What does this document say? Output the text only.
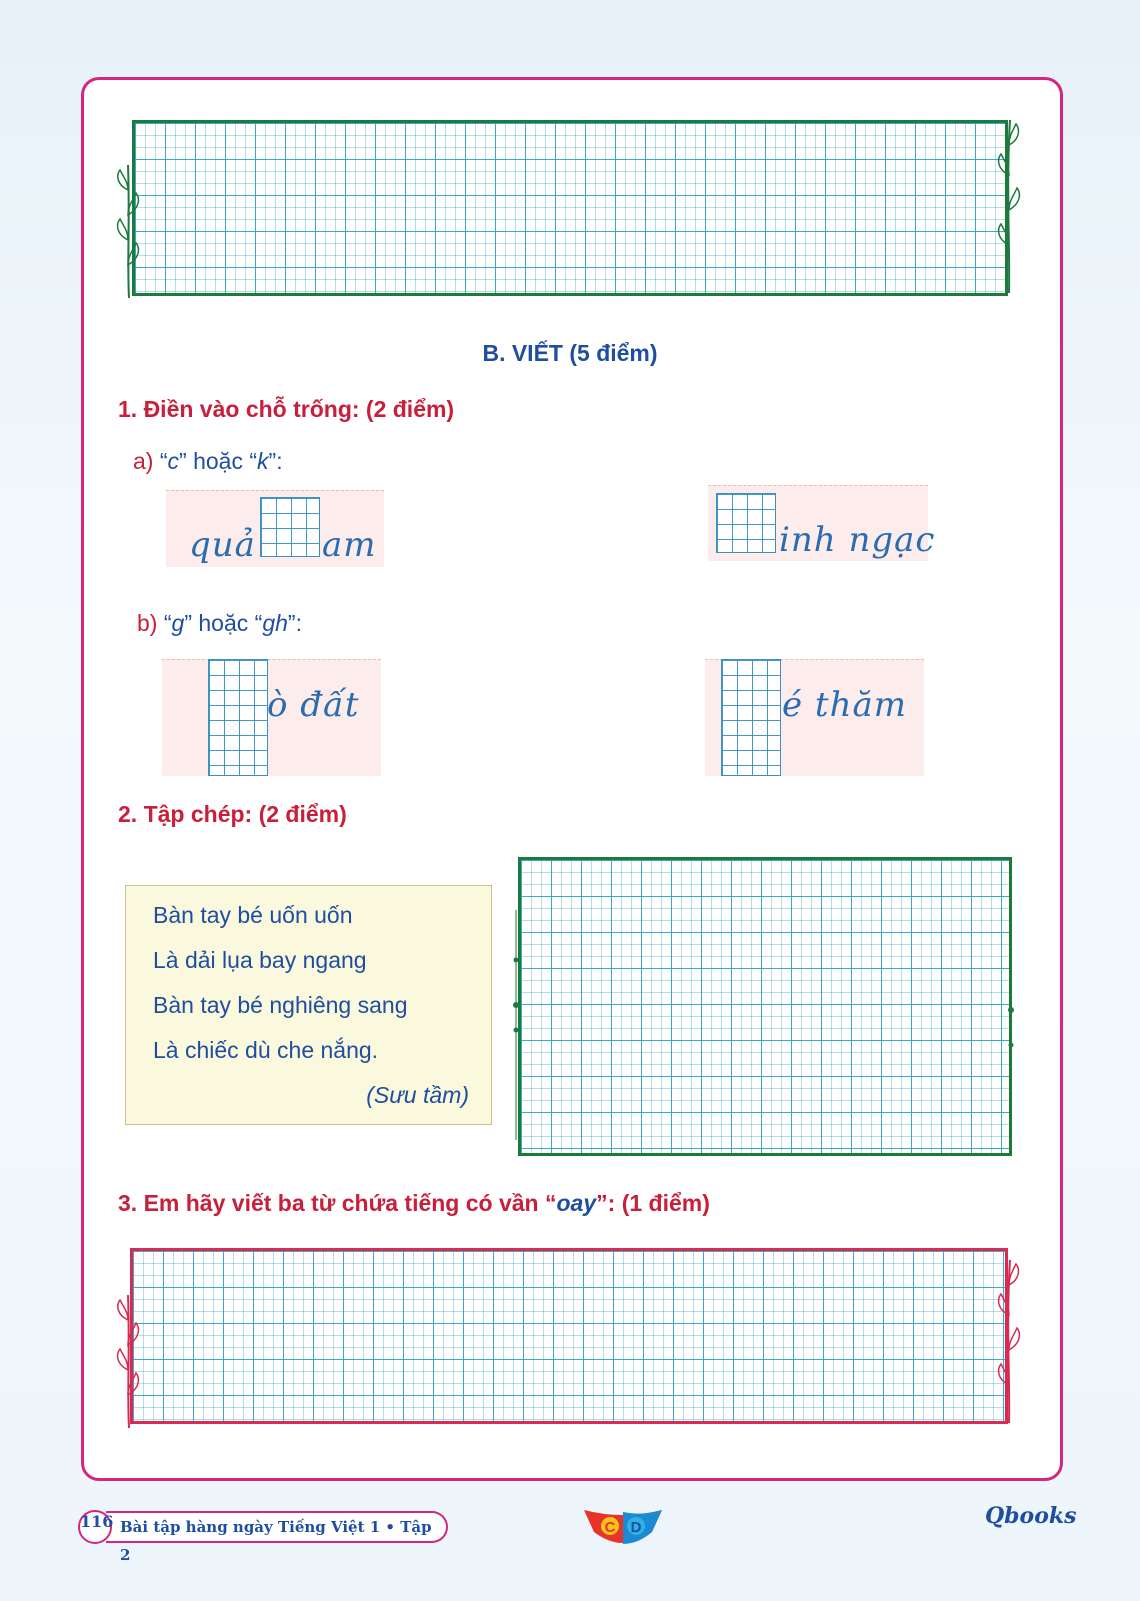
B. VIẾT (5 điểm)
1. Điền vào chỗ trống: (2 điểm)
a) “c” hoặc “k”:
quả am	inh ngạc
b) “g” hoặc “gh”:
ò đất	é thăm
2. Tập chép: (2 điểm)
Bàn tay bé uốn uốn
Là dải lụa bay ngang
Bàn tay bé nghiêng sang
Là chiếc dù che nắng.
(Sưu tầm)
3. Em hãy viết ba từ chứa tiếng có vần “oay”: (1 điểm)
Bài tập hàng ngày Tiếng Việt 1 • Tập 2
116	C D	Qbooks
